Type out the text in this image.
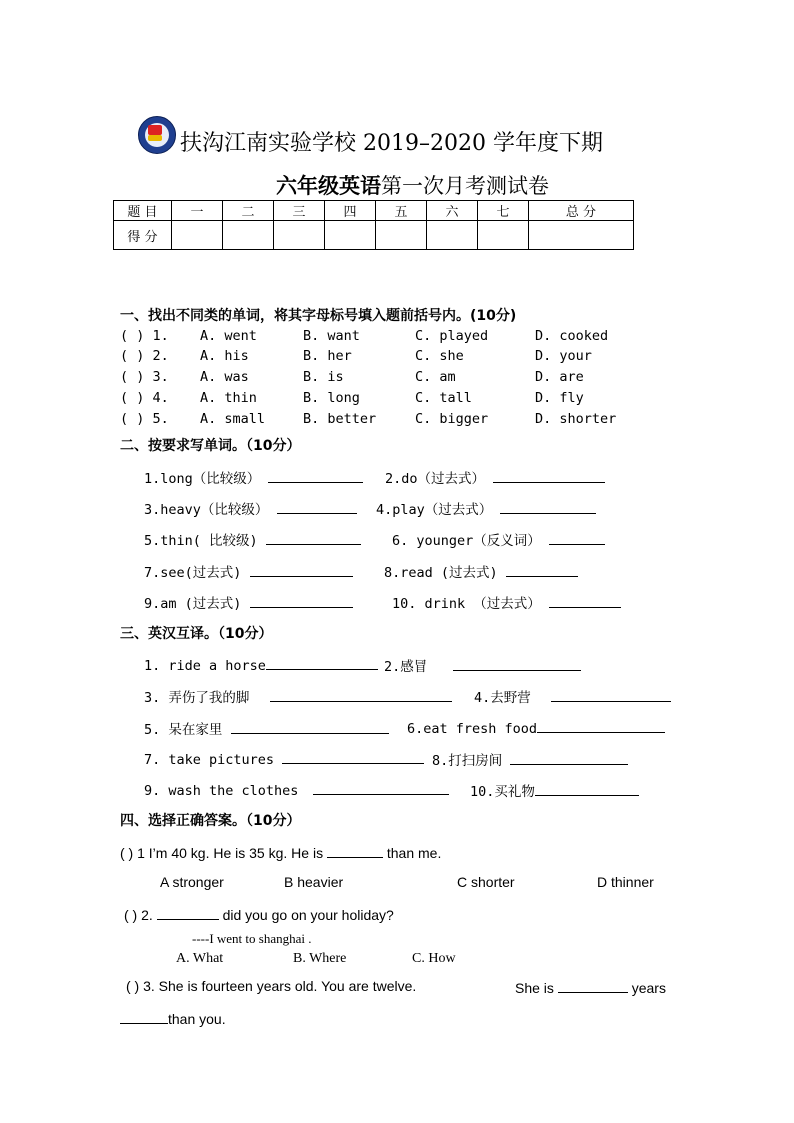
扶沟江南实验学校 2019–2020 学年度下期
六年级英语第一次月考测试卷
题 目	一	二	三	四	五	六	七	总 分
得 分								
一、找出不同类的单词，将其字母标号填入题前括号内。(10分)
( ) 1. A. went	B. want	C. played	D. cooked
( ) 2. A. his	B. her	C. she	D. your
( ) 3. A. was	B. is	C. am	D. are
( ) 4. A. thin	B. long	C. tall	D. fly
( ) 5. A. small	B. better	C. bigger	D. shorter
二、按要求写单词。（10分）
1.long（比较级）	2.do（过去式）
3.heavy（比较级）	4.play（过去式）
5.thin( 比较级)	6. younger（反义词）
7.see(过去式)	8.read (过去式)
9.am (过去式)	10. drink （过去式）
三、英汉互译。（10分）
1. ride a horse	2.感冒
3. 弄伤了我的脚	4.去野营
5. 呆在家里	6.eat fresh food
7. take pictures	8.打扫房间
9. wash the clothes	10.买礼物
四、选择正确答案。（10分）
( ) 1 I’m 40 kg. He is 35 kg. He is	than me.
A stronger	B heavier	C shorter	D thinner
( ) 2.	did you go on your holiday?
----I went to shanghai .
A. What	B. Where	C. How
( ) 3. She is fourteen years old. You are twelve.	She is	years
than you.
